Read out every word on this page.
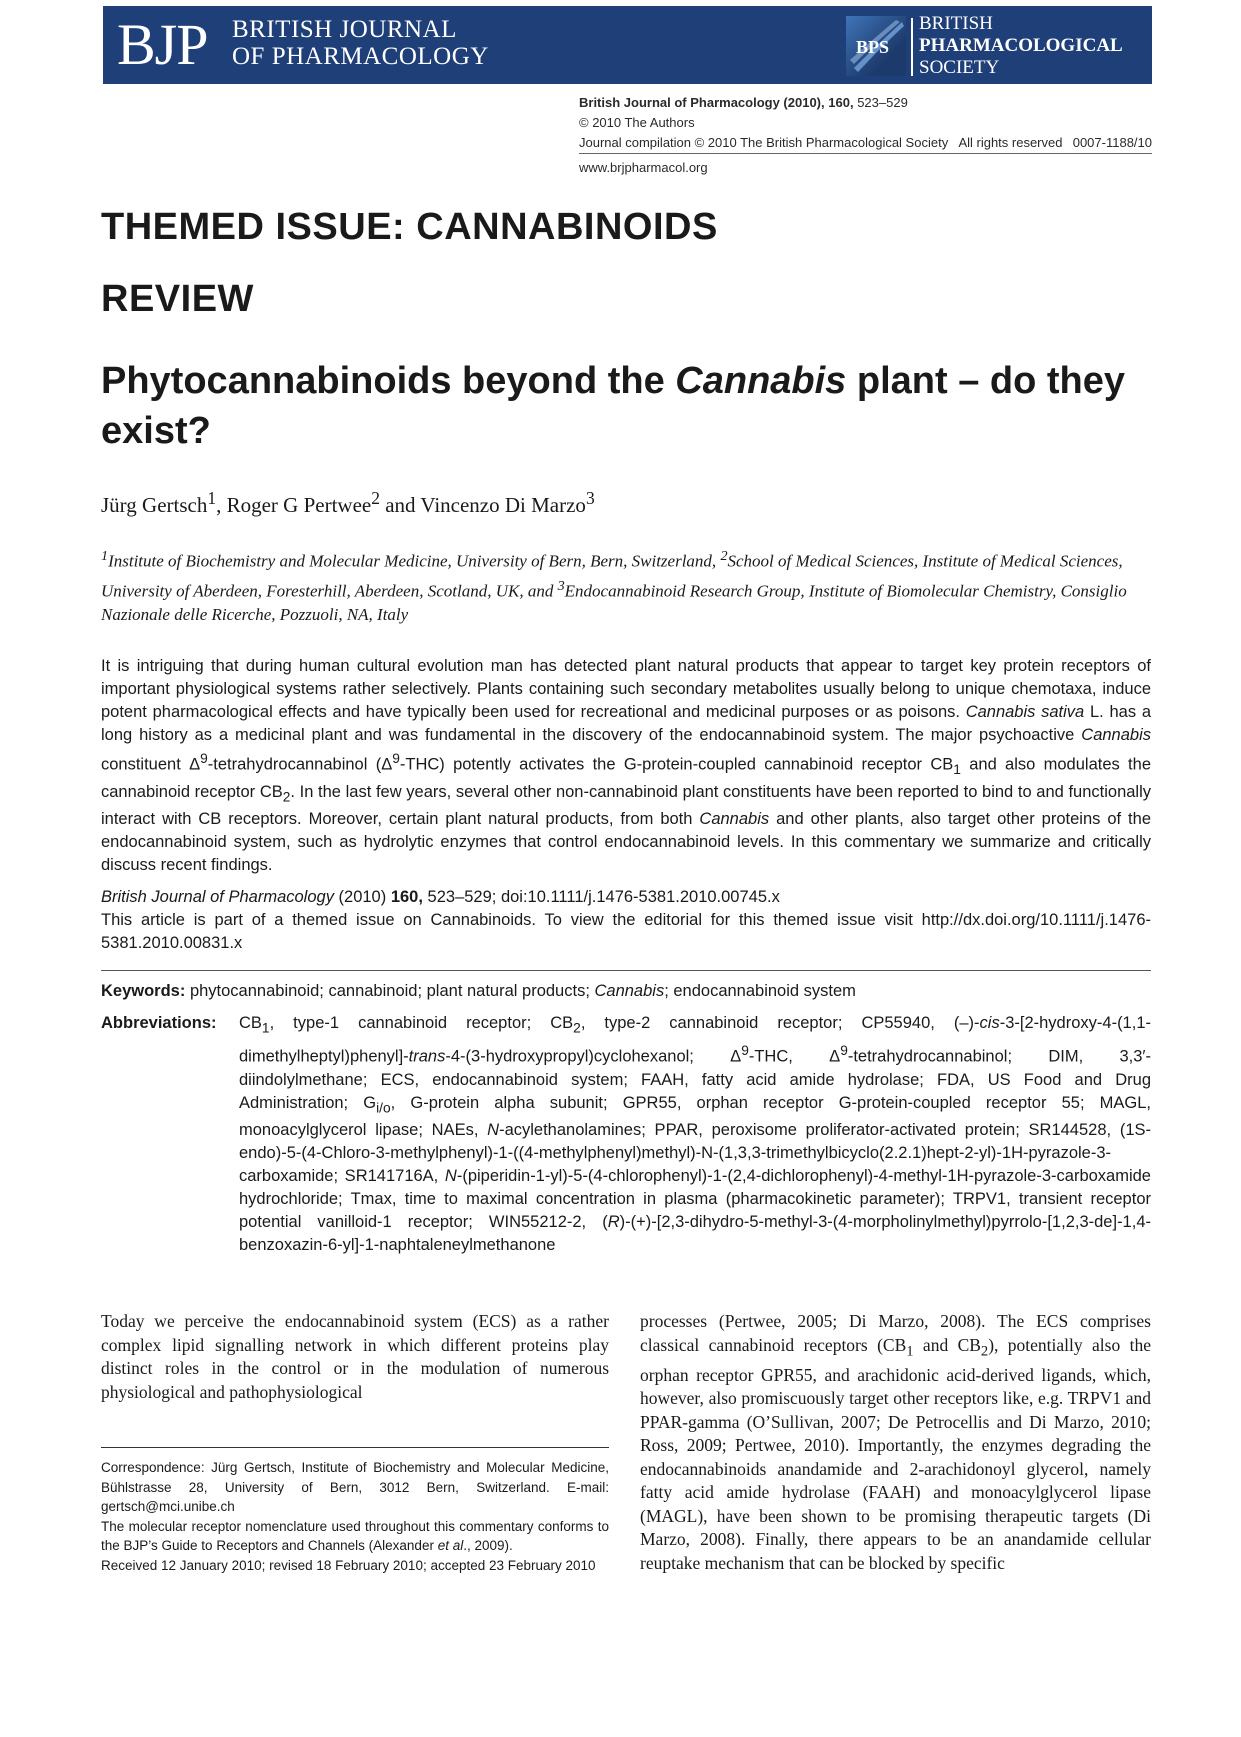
BJP BRITISH JOURNAL
OF PHARMACOLOGY	BPS
BRITISH
PHARMACOLOGICAL
SOCIETY
British Journal of Pharmacology (2010), 160, 523–529
© 2010 The Authors
Journal compilation © 2010 The British Pharmacological Society All rights reserved 0007-1188/10
www.brjpharmacol.org
THEMED ISSUE: CANNABINOIDS
REVIEW
Phytocannabinoids beyond the Cannabis plant – do they exist?
Jürg Gertsch$^1$, Roger G Pertwee$^2$ and Vincenzo Di Marzo$^3$
$^1$Institute of Biochemistry and Molecular Medicine, University of Bern, Bern, Switzerland, $^2$School of Medical Sciences, Institute of Medical Sciences, University of Aberdeen, Foresterhill, Aberdeen, Scotland, UK, and $^3$Endocannabinoid Research Group, Institute of Biomolecular Chemistry, Consiglio Nazionale delle Ricerche, Pozzuoli, NA, Italy
It is intriguing that during human cultural evolution man has detected plant natural products that appear to target key protein receptors of important physiological systems rather selectively. Plants containing such secondary metabolites usually belong to unique chemotaxa, induce potent pharmacological effects and have typically been used for recreational and medicinal purposes or as poisons. Cannabis sativa L. has a long history as a medicinal plant and was fundamental in the discovery of the endocannabinoid system. The major psychoactive Cannabis constituent $\Delta^9$-tetrahydrocannabinol $(\Delta^9-THC)$ potently activates the G-protein-coupled cannabinoid receptor $CB_1$ and also modulates the cannabinoid receptor $CB_2$. In the last few years, several other non-cannabinoid plant constituents have been reported to bind to and functionally interact with CB receptors. Moreover, certain plant natural products, from both Cannabis and other plants, also target other proteins of the endocannabinoid system, such as hydrolytic enzymes that control endocannabinoid levels. In this commentary we summarize and critically discuss recent findings.
British Journal of Pharmacology (2010) 160, 523–529; doi:10.1111/j.1476-5381.2010.00745.x
This article is part of a themed issue on Cannabinoids. To view the editorial for this themed issue visit http://dx.doi.org/10.1111/j.1476-5381.2010.00831.x
Keywords: phytocannabinoid; cannabinoid; plant natural products; Cannabis; endocannabinoid system
Abbreviations: $CB_1$, type-1 cannabinoid receptor; $CB_2$, type-2 cannabinoid receptor; CP55940, (–)-cis-3-[2-hydroxy-4-(1,1-dimethylheptyl)phenyl]-trans-4-(3-hydroxypropyl)cyclohexanol; $\Delta^9$-THC, $\Delta^9$-tetrahydrocannabinol; DIM, 3,3′-diindolylmethane; ECS, endocannabinoid system; FAAH, fatty acid amide hydrolase; FDA, US Food and Drug Administration; $G_{i/o}$, G-protein alpha subunit; GPR55, orphan receptor G-protein-coupled receptor 55; MAGL, monoacylglycerol lipase; NAEs, N-acylethanolamines; PPAR, peroxisome proliferator-activated protein; SR144528, (1S-endo)-5-(4-Chloro-3-methylphenyl)-1-((4-methylphenyl)methyl)-N-(1,3,3-trimethylbicyclo(2.2.1)hept-2-yl)-1H-pyrazole-3-carboxamide; SR141716A, N-(piperidin-1-yl)-5-(4-chlorophenyl)-1-(2,4-dichlorophenyl)-4-methyl-1H-pyrazole-3-carboxamide hydrochloride; Tmax, time to maximal concentration in plasma (pharmacokinetic parameter); TRPV1, transient receptor potential vanilloid-1 receptor; WIN55212-2, (R)-(+)-[2,3-dihydro-5-methyl-3-(4-morpholinylmethyl)pyrrolo-[1,2,3-de]-1,4-benzoxazin-6-yl]-1-naphtaleneylmethanone
Today we perceive the endocannabinoid system (ECS) as a rather complex lipid signalling network in which different proteins play distinct roles in the control or in the modulation of numerous physiological and pathophysiological
processes (Pertwee, 2005; Di Marzo, 2008). The ECS comprises classical cannabinoid receptors ($CB_1$ and $CB_2$), potentially also the orphan receptor GPR55, and arachidonic acid-derived ligands, which, however, also promiscuously target other receptors like, e.g. TRPV1 and PPAR-gamma (O’Sullivan, 2007; De Petrocellis and Di Marzo, 2010; Ross, 2009; Pertwee, 2010). Importantly, the enzymes degrading the endocannabinoids anandamide and 2-arachidonoyl glycerol, namely fatty acid amide hydrolase (FAAH) and monoacylglycerol lipase (MAGL), have been shown to be promising therapeutic targets (Di Marzo, 2008). Finally, there appears to be an anandamide cellular reuptake mechanism that can be blocked by specific

Correspondence: Jürg Gertsch, Institute of Biochemistry and Molecular Medicine, Bühlstrasse 28, University of Bern, 3012 Bern, Switzerland. E-mail: gertsch@mci.unibe.ch

The molecular receptor nomenclature used throughout this commentary conforms to the BJP’s Guide to Receptors and Channels (Alexander et al., 2009).

Received 12 January 2010; revised 18 February 2010; accepted 23 February 2010
